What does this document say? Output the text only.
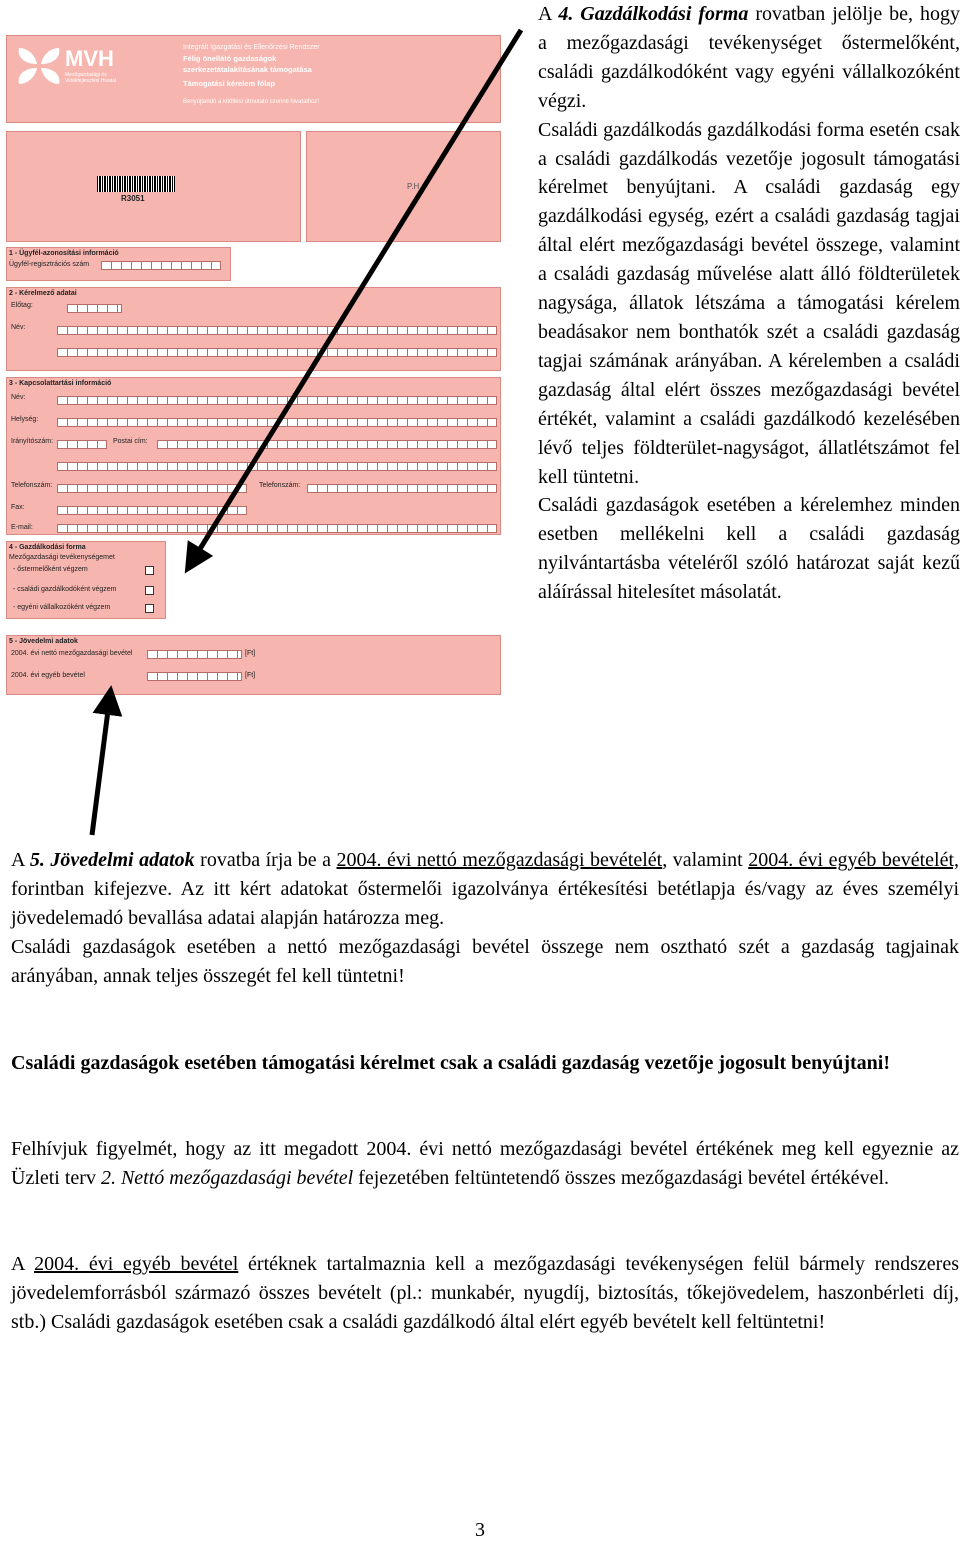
MVH
Mezőgazdasági és Vidékfejlesztési Hivatal
Integrált Igazgatási és Ellenőrzési Rendszer
Félig önellátó gazdaságok
szerkezetátalakításának támogatása
Támogatási kérelem fólap
Benyújtandó a kitöltési útmutató szerinti hivatalhoz!
R3051
P.H.
1 - Ügyfél-azonosítási információ
Ügyfél-regisztrációs szám
2 - Kérelmező adatai
Előtag:
Név:
3 - Kapcsolattartási információ
Név:
Helység:
Irányítószám:	Postai cím:
Telefonszám:	Telefonszám:
Fax:
E-mail:
4 - Gazdálkodási forma
Mezőgazdasági tevékenységemet
- őstermelőként végzem
- családi gazdálkodóként végzem
- egyéni vállalkozóként végzem
5 - Jövedelmi adatok
2004. évi nettó mezőgazdasági bevétel	[Ft]
2004. évi egyéb bevétel	[Ft]

A 4. Gazdálkodási forma rovatban jelölje be, hogy a mezőgazdasági tevékenységet őstermelőként, családi gazdálkodóként vagy egyéni vállalkozóként végzi.

Családi gazdálkodás gazdálkodási forma esetén csak a családi gazdálkodás vezetője jogosult támogatási kérelmet benyújtani. A családi gazdaság egy gazdálkodási egység, ezért a családi gazdaság tagjai által elért mezőgazdasági bevétel összege, valamint a családi gazdaság művelése alatt álló földterületek nagysága, állatok létszáma a támogatási kérelem beadásakor nem bonthatók szét a családi gazdaság tagjai számának arányában. A kérelemben a családi gazdaság által elért összes mezőgazdasági bevétel értékét, valamint a családi gazdálkodó kezelésében lévő teljes földterület-nagyságot, állatlétszámot fel kell tüntetni.

Családi gazdaságok esetében a kérelemhez minden esetben mellékelni kell a családi gazdaság nyilvántartásba vételéről szóló határozat saját kezű aláírással hitelesítet másolatát.

A 5. Jövedelmi adatok rovatba írja be a 2004. évi nettó mezőgazdasági bevételét, valamint 2004. évi egyéb bevételét, forintban kifejezve. Az itt kért adatokat őstermelői igazolványa értékesítési betétlapja és/vagy az éves személyi jövedelemadó bevallása adatai alapján határozza meg.

Családi gazdaságok esetében a nettó mezőgazdasági bevétel összege nem osztható szét a gazdaság tagjainak arányában, annak teljes összegét fel kell tüntetni!

Családi gazdaságok esetében támogatási kérelmet csak a családi gazdaság vezetője jogosult benyújtani!

Felhívjuk figyelmét, hogy az itt megadott 2004. évi nettó mezőgazdasági bevétel értékének meg kell egyeznie az Üzleti terv 2. Nettó mezőgazdasági bevétel fejezetében feltüntetendő összes mezőgazdasági bevétel értékével.

A 2004. évi egyéb bevétel értéknek tartalmaznia kell a mezőgazdasági tevékenységen felül bármely rendszeres jövedelemforrásból származó összes bevételt (pl.: munkabér, nyugdíj, biztosítás, tőkejövedelem, haszonbérleti díj, stb.) Családi gazdaságok esetében csak a családi gazdálkodó által elért egyéb bevételt kell feltüntetni!

3
